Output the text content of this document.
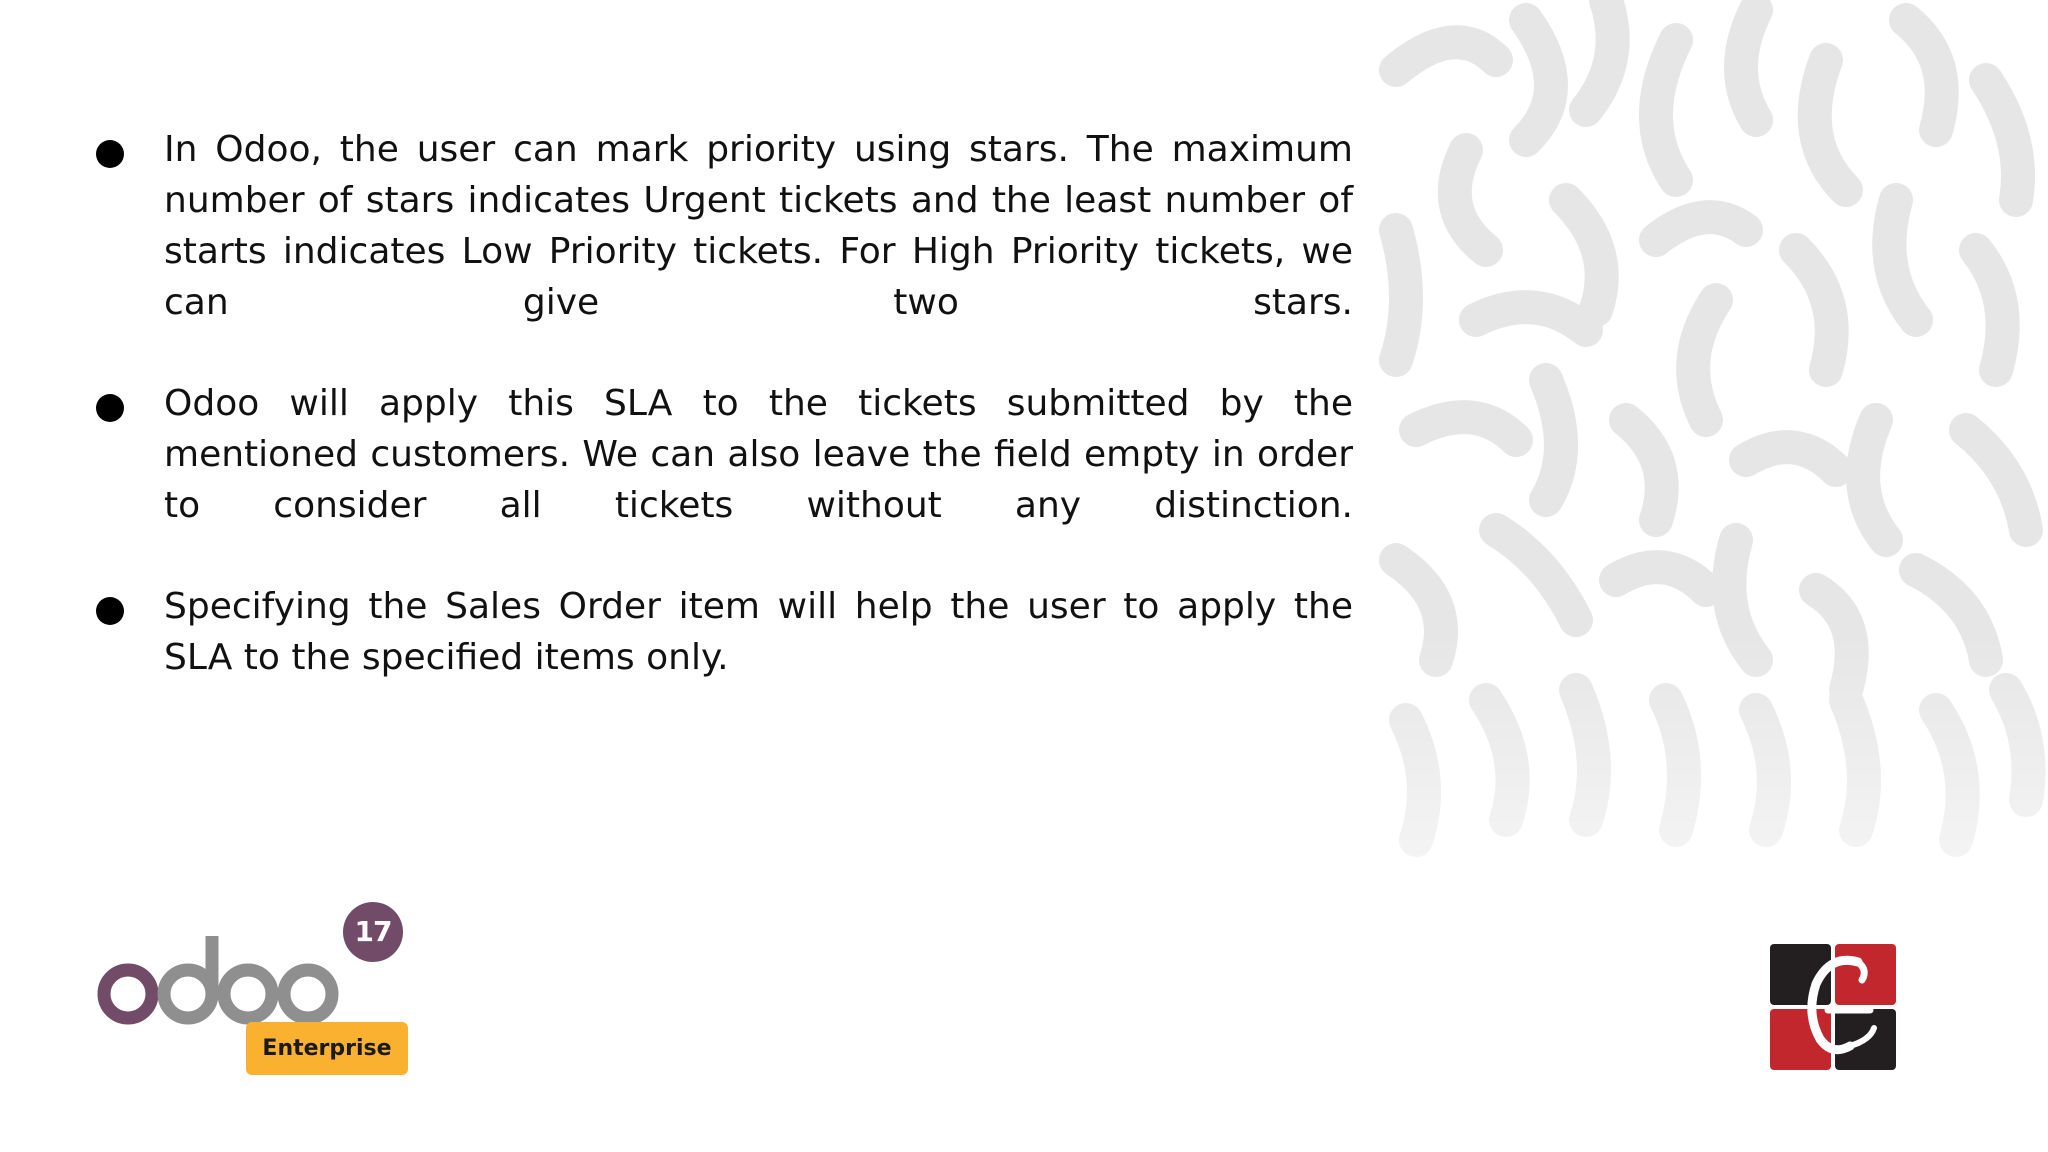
In Odoo, the user can mark priority using stars. The maximum number of stars indicates Urgent tickets and the least number of starts indicates Low Priority tickets. For High Priority tickets, we can give two stars.
Odoo will apply this SLA to the tickets submitted by the mentioned customers. We can also leave the field empty in order to consider all tickets without any distinction.
Specifying the Sales Order item will help the user to apply the SLA to the specified items only.
17
Enterprise
